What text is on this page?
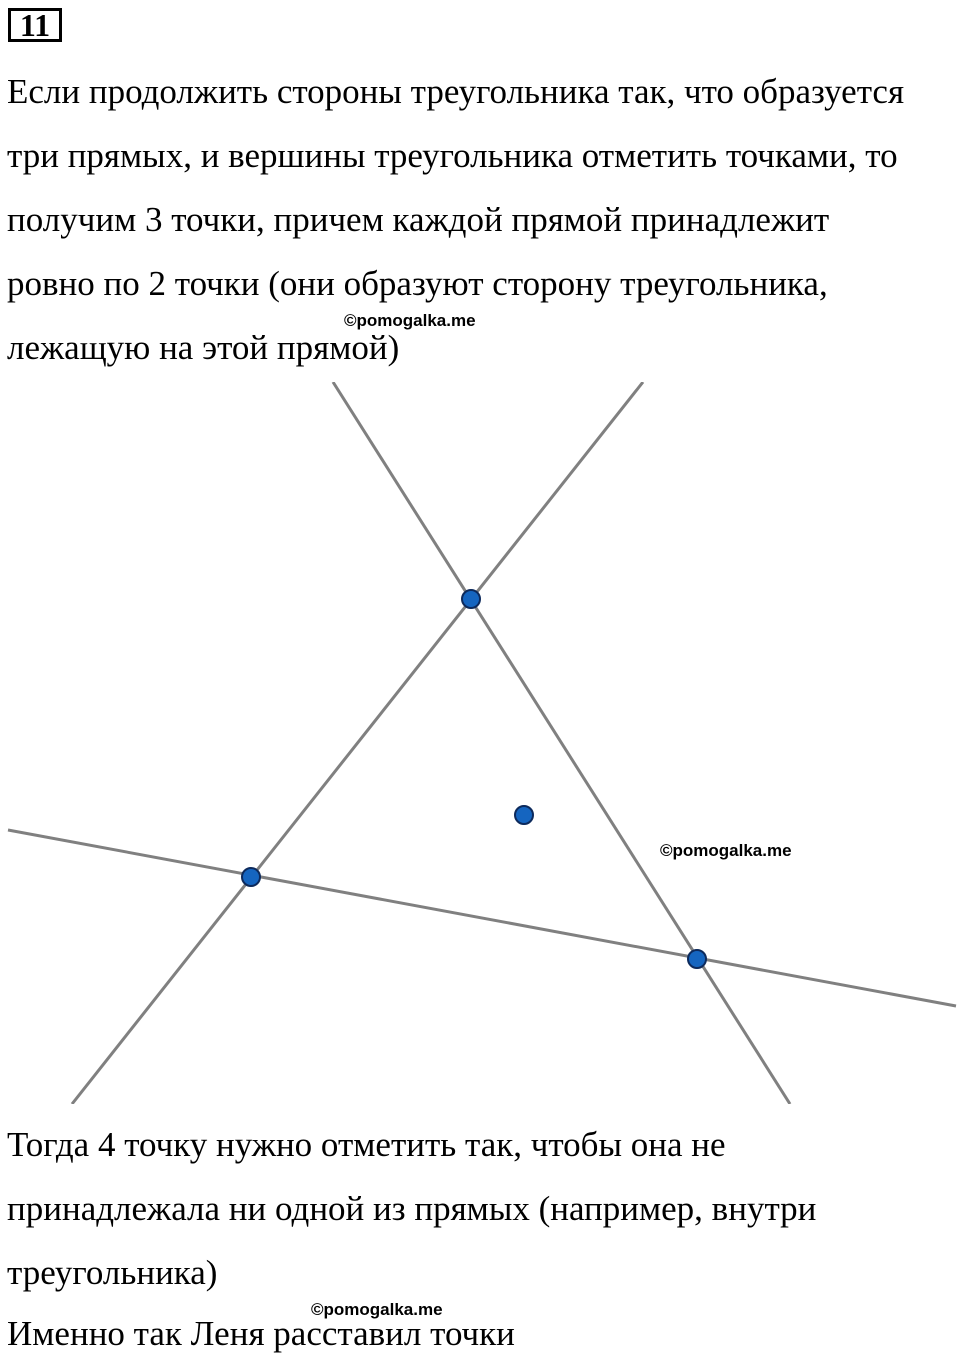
11
Если продолжить стороны треугольника так, что образуется
три прямых, и вершины треугольника отметить точками, то
получим 3 точки, причем каждой прямой принадлежит
ровно по 2 точки (они образуют сторону треугольника,
лежащую на этой прямой)
©pomogalka.me
©pomogalka.me
Тогда 4 точку нужно отметить так, чтобы она не
принадлежала ни одной из прямых (например, внутри
треугольника)
©pomogalka.me
Именно так Леня расставил точки
